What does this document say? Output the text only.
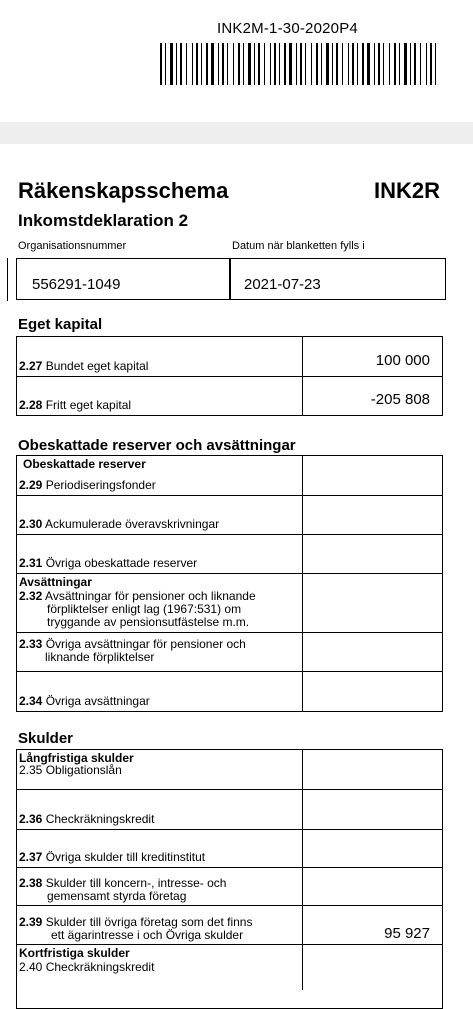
INK2M-1-30-2020P4
Räkenskapsschema	INK2R
Inkomstdeklaration 2
Organisationsnummer	Datum när blanketten fylls i
556291-1049	2021-07-23
Eget kapital
2.27 Bundet eget kapital	100 000
2.28 Fritt eget kapital	-205 808
Obeskattade reserver och avsättningar
Obeskattade reserver
2.29 Periodiseringsfonder
2.30 Ackumulerade överavskrivningar
2.31 Övriga obeskattade reserver
Avsättningar
2.32 Avsättningar för pensioner och liknande
förpliktelser enligt lag (1967:531) om
tryggande av pensionsutfästelse m.m.
2.33 Övriga avsättningar för pensioner och
liknande förpliktelser
2.34 Övriga avsättningar
Skulder
Långfristiga skulder
2.35 Obligationslån
2.36 Checkräkningskredit
2.37 Övriga skulder till kreditinstitut
2.38 Skulder till koncern-, intresse- och
gemensamt styrda företag
2.39 Skulder till övriga företag som det finns
ett ägarintresse i och Övriga skulder	95 927
Kortfristiga skulder
2.40 Checkräkningskredit
